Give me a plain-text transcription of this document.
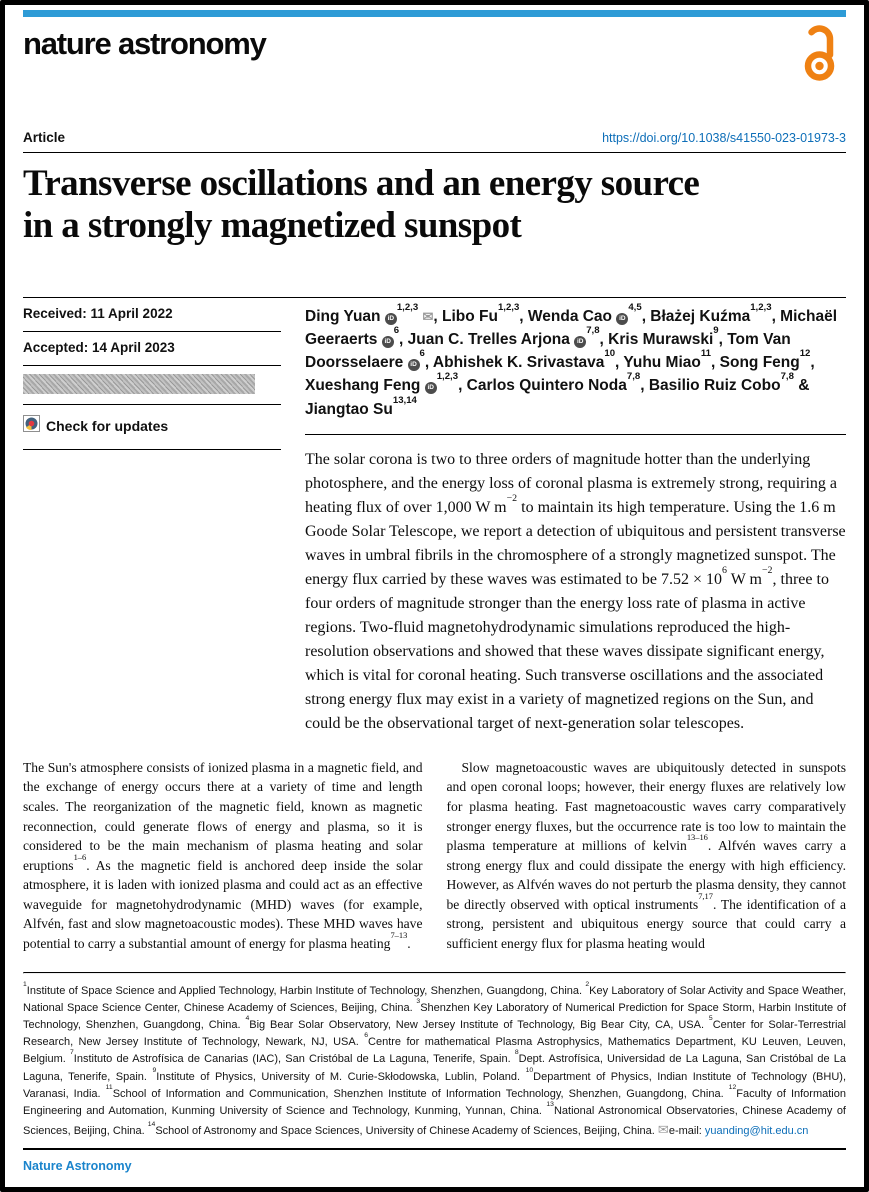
nature astronomy
Article	https://doi.org/10.1038/s41550-023-01973-3
Transverse oscillations and an energy source
in a strongly magnetized sunspot
Received: 11 April 2022
Accepted: 14 April 2023
Check for updates

Ding Yuan iD$^{1,2,3}$ ✉, Libo Fu$^{1,2,3}$, Wenda Cao iD$^{4,5}$, Błażej Kuźma$^{1,2,3}$, Michaël Geeraerts $iD^6$, Juan C. Trelles Arjona iD$^{7,8}$, Kris Murawski$^9$, Tom Van Doorsselaere $iD^6$, Abhishek K. Srivastava$^{10}$, Yuhu Miao$^{11}$, Song Feng$^{12}$, Xueshang Feng iD$^{1,2,3}$, Carlos Quintero Noda$^{7,8}$, Basilio Ruiz Cobo$^{7,8}$ & Jiangtao Su$^{13,14}$

The solar corona is two to three orders of magnitude hotter than the underlying photosphere, and the energy loss of coronal plasma is extremely strong, requiring a heating flux of over 1,000 W $m^{-2}$ to maintain its high temperature. Using the 1.6 m Goode Solar Telescope, we report a detection of ubiquitous and persistent transverse waves in umbral fibrils in the chromosphere of a strongly magnetized sunspot. The energy flux carried by these waves was estimated to be $7.52 \times 10^6$ W $m^{-2}$, three to four orders of magnitude stronger than the energy loss rate of plasma in active regions. Two-fluid magnetohydrodynamic simulations reproduced the high-resolution observations and showed that these waves dissipate significant energy, which is vital for coronal heating. Such transverse oscillations and the associated strong energy flux may exist in a variety of magnetized regions on the Sun, and could be the observational target of next-generation solar telescopes.

The Sun's atmosphere consists of ionized plasma in a magnetic field, and the exchange of energy occurs there at a variety of time and length scales. The reorganization of the magnetic field, known as magnetic reconnection, could generate flows of energy and plasma, so it is considered to be the main mechanism of plasma heating and solar eruptions$^{1-6}$. As the magnetic field is anchored deep inside the solar atmosphere, it is laden with ionized plasma and could act as an effective waveguide for magnetohydrodynamic (MHD) waves (for example, Alfvén, fast and slow magnetoacoustic modes). These MHD waves have potential to carry a substantial amount of energy for plasma heating$^{7-13}$.

Slow magnetoacoustic waves are ubiquitously detected in sunspots and open coronal loops; however, their energy fluxes are relatively low for plasma heating. Fast magnetoacoustic waves carry comparatively stronger energy fluxes, but the occurrence rate is too low to maintain the plasma temperature at millions of kelvin$^{13-16}$. Alfvén waves carry a strong energy flux and could dissipate the energy with high efficiency. However, as Alfvén waves do not perturb the plasma density, they cannot be directly observed with optical instruments$^{7,17}$. The identification of a strong, persistent and ubiquitous energy source that could carry a sufficient energy flux for plasma heating would

$^1$Institute of Space Science and Applied Technology, Harbin Institute of Technology, Shenzhen, Guangdong, China. $^2$Key Laboratory of Solar Activity and Space Weather, National Space Science Center, Chinese Academy of Sciences, Beijing, China. $^3$Shenzhen Key Laboratory of Numerical Prediction for Space Storm, Harbin Institute of Technology, Shenzhen, Guangdong, China. $^4$Big Bear Solar Observatory, New Jersey Institute of Technology, Big Bear City, CA, USA. $^5$Center for Solar-Terrestrial Research, New Jersey Institute of Technology, Newark, NJ, USA. $^6$Centre for mathematical Plasma Astrophysics, Mathematics Department, KU Leuven, Leuven, Belgium. $^7$Instituto de Astrofísica de Canarias (IAC), San Cristóbal de La Laguna, Tenerife, Spain. $^8$Dept. Astrofísica, Universidad de La Laguna, San Cristóbal de La Laguna, Tenerife, Spain. $^9$Institute of Physics, University of M. Curie-Skłodowska, Lublin, Poland. $^{10}$Department of Physics, Indian Institute of Technology (BHU), Varanasi, India. $^{11}$School of Information and Communication, Shenzhen Institute of Information Technology, Shenzhen, Guangdong, China. $^{12}$Faculty of Information Engineering and Automation, Kunming University of Science and Technology, Kunming, Yunnan, China. $^{13}$National Astronomical Observatories, Chinese Academy of Sciences, Beijing, China. $^{14}$School of Astronomy and Space Sciences, University of Chinese Academy of Sciences, Beijing, China. ✉e-mail: yuanding@hit.edu.cn

Nature Astronomy
